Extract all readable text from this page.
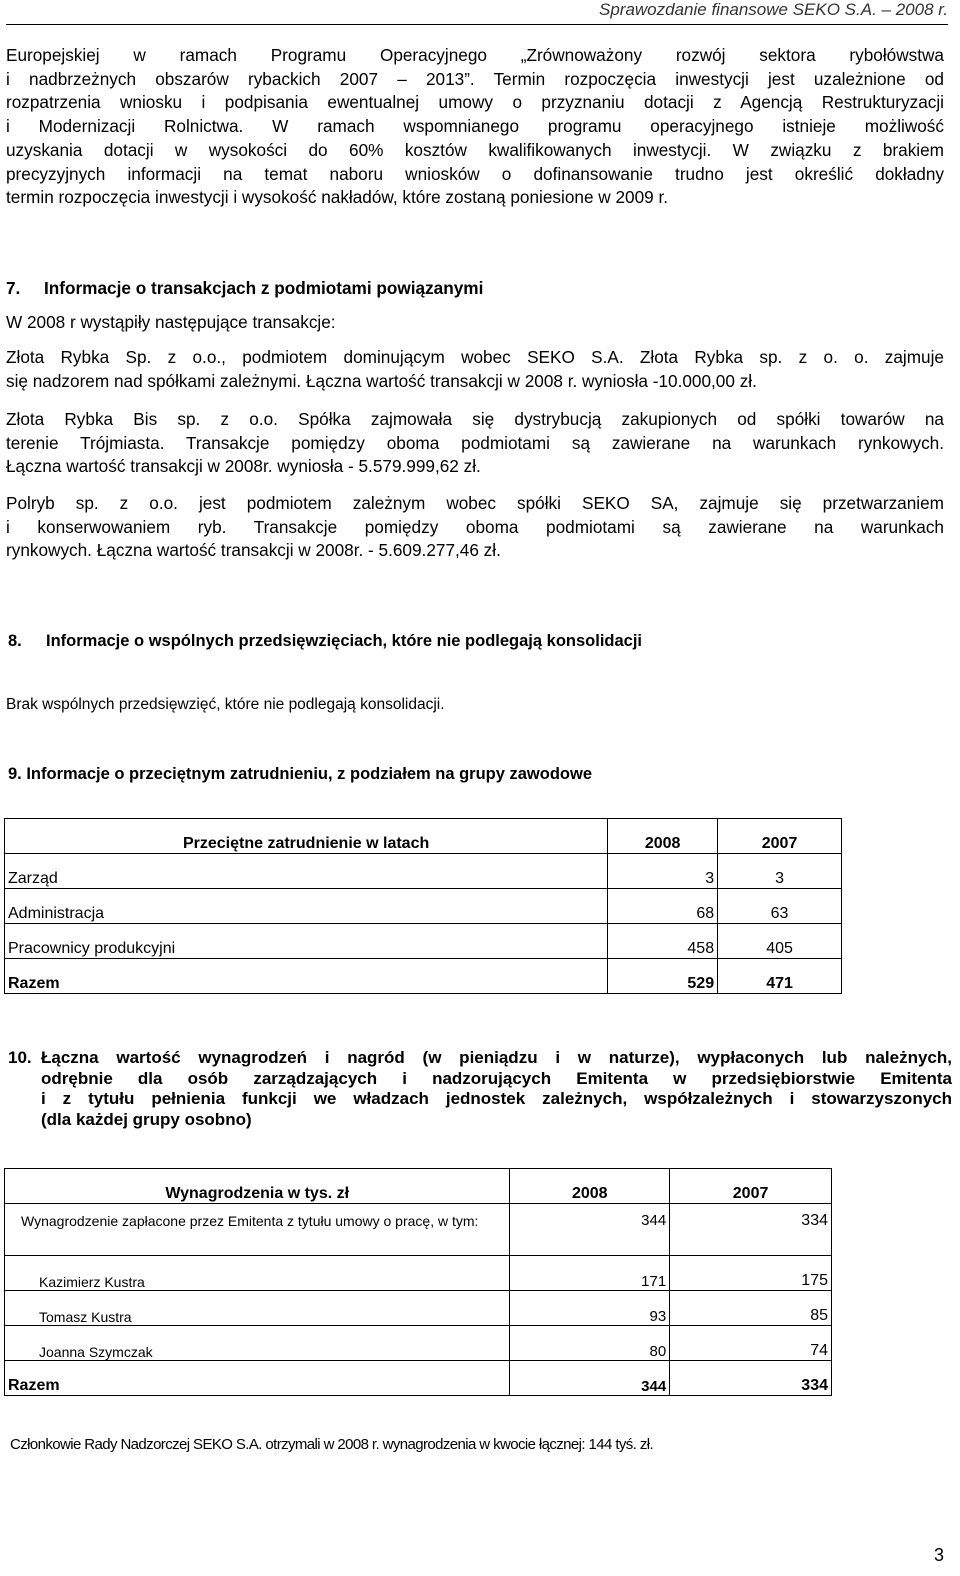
Sprawozdanie finansowe SEKO S.A. – 2008 r.
Europejskiej w ramach Programu Operacyjnego „Zrównoważony rozwój sektora rybołówstwa
i nadbrzeżnych obszarów rybackich 2007 – 2013”. Termin rozpoczęcia inwestycji jest uzależnione od
rozpatrzenia wniosku i podpisania ewentualnej umowy o przyznaniu dotacji z Agencją Restrukturyzacji
i Modernizacji Rolnictwa. W ramach wspomnianego programu operacyjnego istnieje możliwość
uzyskania dotacji w wysokości do 60% kosztów kwalifikowanych inwestycji. W związku z brakiem
precyzyjnych informacji na temat naboru wniosków o dofinansowanie trudno jest określić dokładny
termin rozpoczęcia inwestycji i wysokość nakładów, które zostaną poniesione w 2009 r.
7. Informacje o transakcjach z podmiotami powiązanymi
W 2008 r wystąpiły następujące transakcje:
Złota Rybka Sp. z o.o., podmiotem dominującym wobec SEKO S.A. Złota Rybka sp. z o. o. zajmuje
się nadzorem nad spółkami zależnymi. Łączna wartość transakcji w 2008 r. wyniosła -10.000,00 zł.
Złota Rybka Bis sp. z o.o. Spółka zajmowała się dystrybucją zakupionych od spółki towarów na
terenie Trójmiasta. Transakcje pomiędzy oboma podmiotami są zawierane na warunkach rynkowych.
Łączna wartość transakcji w 2008r. wyniosła - 5.579.999,62 zł.
Polryb sp. z o.o. jest podmiotem zależnym wobec spółki SEKO SA, zajmuje się przetwarzaniem
i konserwowaniem ryb. Transakcje pomiędzy oboma podmiotami są zawierane na warunkach
rynkowych. Łączna wartość transakcji w 2008r. - 5.609.277,46 zł.
8. Informacje o wspólnych przedsięwzięciach, które nie podlegają konsolidacji
Brak wspólnych przedsięwzięć, które nie podlegają konsolidacji.
9. Informacje o przeciętnym zatrudnieniu, z podziałem na grupy zawodowe
Przeciętne zatrudnienie w latach	2008	2007
Zarząd	3	3
Administracja	68	63
Pracownicy produkcyjni	458	405
Razem	529	471
10. Łączna wartość wynagrodzeń i nagród (w pieniądzu i w naturze), wypłaconych lub należnych,
odrębnie dla osób zarządzających i nadzorujących Emitenta w przedsiębiorstwie Emitenta
i z tytułu pełnienia funkcji we władzach jednostek zależnych, współzależnych i stowarzyszonych
(dla każdej grupy osobno)
Wynagrodzenia w tys. zł	2008	2007
Wynagrodzenie zapłacone przez Emitenta z tytułu umowy o pracę, w tym:	344	334
Kazimierz Kustra	171	175
Tomasz Kustra	93	85
Joanna Szymczak	80	74
Razem	344	334
Członkowie Rady Nadzorczej SEKO S.A. otrzymali w 2008 r. wynagrodzenia w kwocie łącznej: 144 tyś. zł.
3
